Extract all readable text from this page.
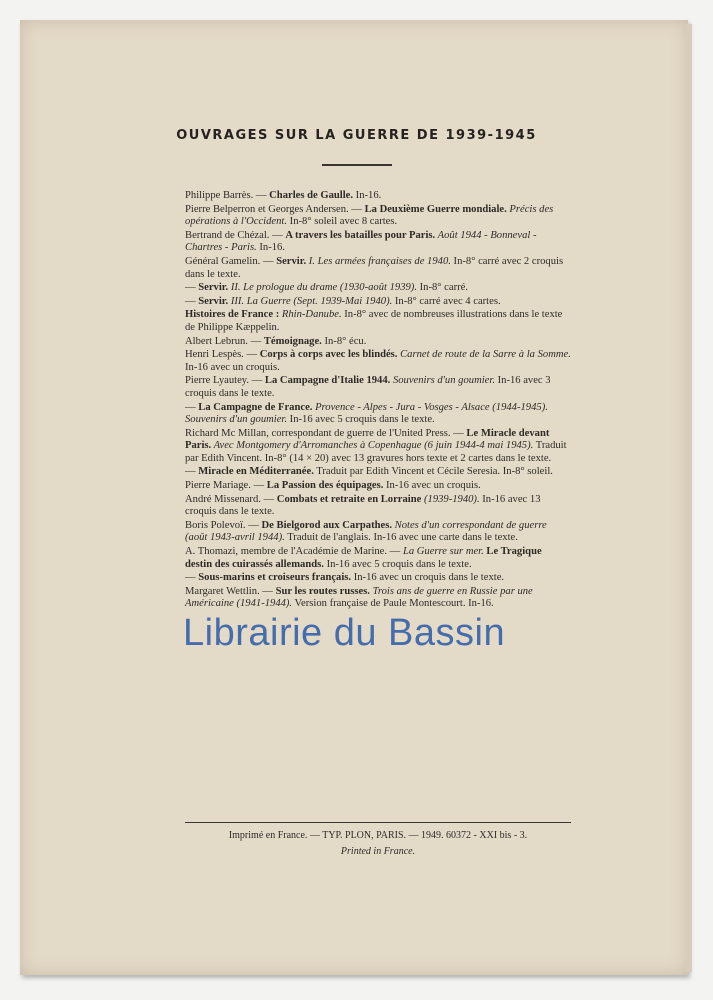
OUVRAGES SUR LA GUERRE DE 1939-1945
Philippe Barrès. — Charles de Gaulle. In-16.
Pierre Belperron et Georges Andersen. — La Deuxième Guerre mondiale. Précis des opérations à l'Occident. In-8° soleil avec 8 cartes.
Bertrand de Chézal. — A travers les batailles pour Paris. Août 1944 - Bonneval - Chartres - Paris. In-16.
Général Gamelin. — Servir. I. Les armées françaises de 1940. In-8° carré avec 2 croquis dans le texte.
— Servir. II. Le prologue du drame (1930-août 1939). In-8° carré.
— Servir. III. La Guerre (Sept. 1939-Mai 1940). In-8° carré avec 4 cartes.
Histoires de France : Rhin-Danube. In-8° avec de nombreuses illustrations dans le texte de Philippe Kæppelin.
Albert Lebrun. — Témoignage. In-8° écu.
Henri Lespès. — Corps à corps avec les blindés. Carnet de route de la Sarre à la Somme. In-16 avec un croquis.
Pierre Lyautey. — La Campagne d'Italie 1944. Souvenirs d'un goumier. In-16 avec 3 croquis dans le texte.
— La Campagne de France. Provence - Alpes - Jura - Vosges - Alsace (1944-1945). Souvenirs d'un goumier. In-16 avec 5 croquis dans le texte.
Richard Mc Millan, correspondant de guerre de l'United Press. — Le Miracle devant Paris. Avec Montgomery d'Arromanches à Copenhague (6 juin 1944-4 mai 1945). Traduit par Edith Vincent. In-8° (14 × 20) avec 13 gravures hors texte et 2 cartes dans le texte.
— Miracle en Méditerranée. Traduit par Edith Vincent et Cécile Seresia. In-8° soleil.
Pierre Mariage. — La Passion des équipages. In-16 avec un croquis.
André Missenard. — Combats et retraite en Lorraine (1939-1940). In-16 avec 13 croquis dans le texte.
Boris Polevoï. — De Bielgorod aux Carpathes. Notes d'un correspondant de guerre (août 1943-avril 1944). Traduit de l'anglais. In-16 avec une carte dans le texte.
A. Thomazi, membre de l'Académie de Marine. — La Guerre sur mer. Le Tragique destin des cuirassés allemands. In-16 avec 5 croquis dans le texte.
— Sous-marins et croiseurs français. In-16 avec un croquis dans le texte.
Margaret Wettlin. — Sur les routes russes. Trois ans de guerre en Russie par une Américaine (1941-1944). Version française de Paule Montescourt. In-16.
Imprimé en France. — TYP. PLON, PARIS. — 1949. 60372 - XXI bis - 3.
Printed in France.
Librairie du Bassin
